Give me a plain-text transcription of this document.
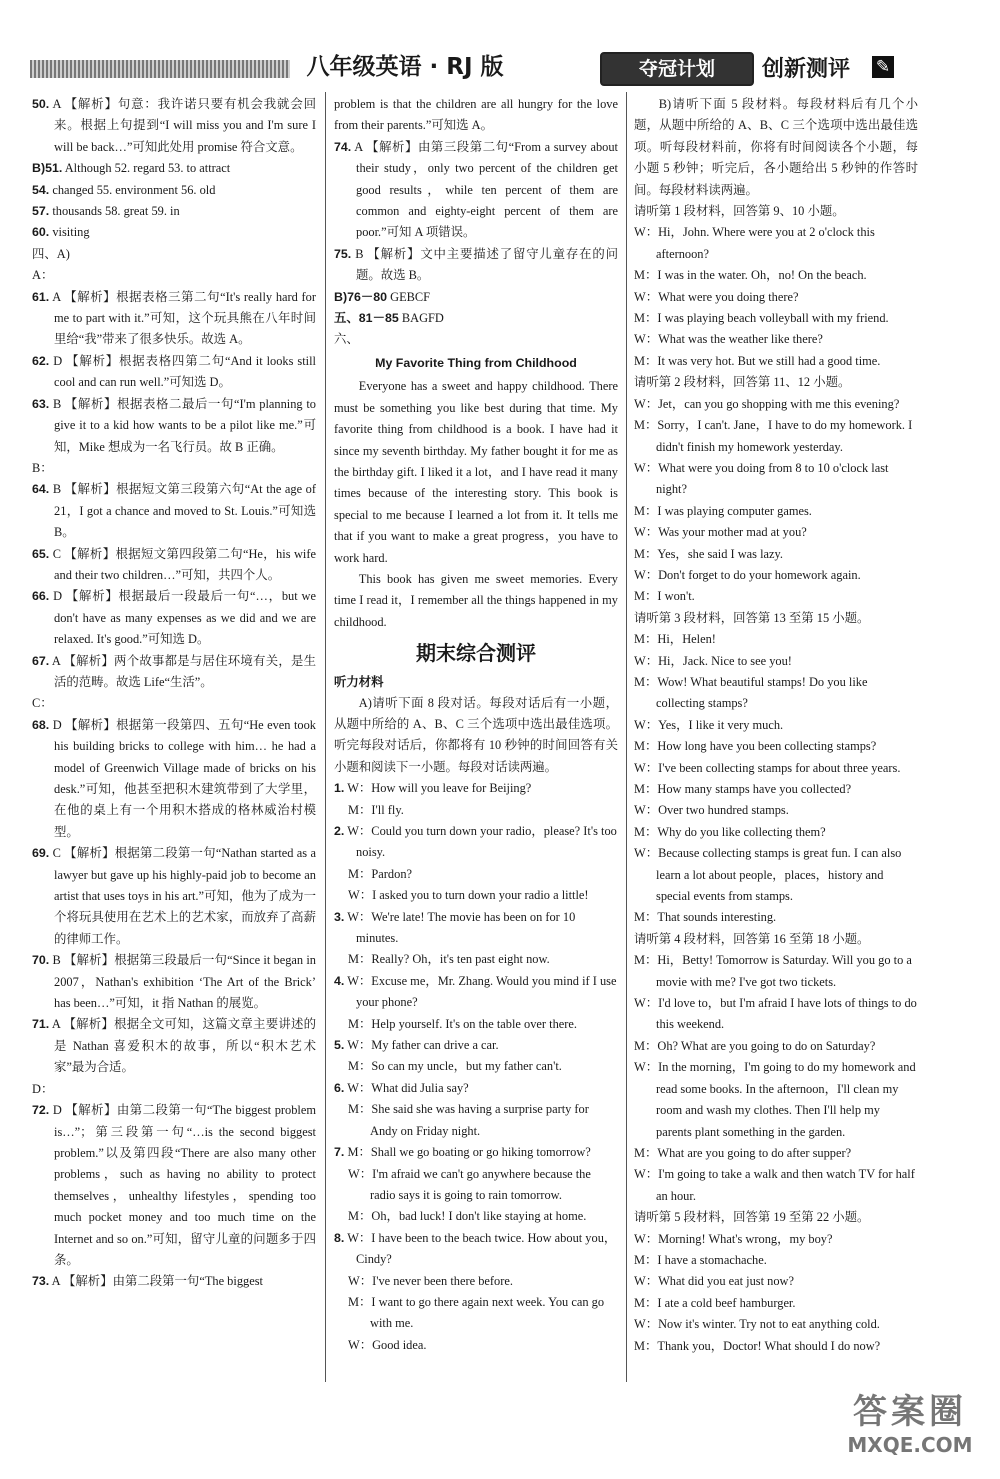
八年级英语 · RJ 版	夺冠计划	创新测评 ✎

50. A 【解析】句意：我许诺只要有机会我就会回来。根据上句提到“I will miss you and I'm sure I will be back…”可知此处用 promise 符合文意。

B)51. Although 52. regard 53. to attract

54. changed 55. environment 56. old

57. thousands 58. great 59. in

60. visiting

四、A)

A：

61. A 【解析】根据表格三第二句“It's really hard for me to part with it.”可知，这个玩具熊在八年时间里给“我”带来了很多快乐。故选 A。

62. D 【解析】根据表格四第二句“And it looks still cool and can run well.”可知选 D。

63. B 【解析】根据表格二最后一句“I'm planning to give it to a kid how wants to be a pilot like me.”可知，Mike 想成为一名飞行员。故 B 正确。

B：

64. B 【解析】根据短文第三段第六句“At the age of 21，I got a chance and moved to St. Louis.”可知选 B。

65. C 【解析】根据短文第四段第二句“He，his wife and their two children…”可知，共四个人。

66. D 【解析】根据最后一段最后一句“…，but we don't have as many expenses as we did and we are relaxed. It's good.”可知选 D。

67. A 【解析】两个故事都是与居住环境有关，是生活的范畴。故选 Life“生活”。

C：

68. D 【解析】根据第一段第四、五句“He even took his building bricks to college with him… he had a model of Greenwich Village made of bricks on his desk.”可知，他甚至把积木建筑带到了大学里，在他的桌上有一个用积木搭成的格林威治村模型。

69. C 【解析】根据第二段第一句“Nathan started as a lawyer but gave up his highly-paid job to become an artist that uses toys in his art.”可知，他为了成为一个将玩具使用在艺术上的艺术家，而放弃了高薪的律师工作。

70. B 【解析】根据第三段最后一句“Since it began in 2007，Nathan's exhibition ‘The Art of the Brick’ has been…”可知，it 指 Nathan 的展览。

71. A 【解析】根据全文可知，这篇文章主要讲述的是 Nathan 喜爱积木的故事，所以“积木艺术家”最为合适。

D：

72. D 【解析】由第二段第一句“The biggest problem is…”；第三段第一句“…is the second biggest problem.”以及第四段“There are also many other problems，such as having no ability to protect themselves，unhealthy lifestyles，spending too much pocket money and too much time on the Internet and so on.”可知，留守儿童的问题多于四条。

73. A 【解析】由第二段第一句“The biggest

problem is that the children are all hungry for the love from their parents.”可知选 A。

74. A 【解析】由第三段第二句“From a survey about their study，only two percent of the children get good results，while ten percent of them are common and eighty-eight percent of them are poor.”可知 A 项错误。

75. B 【解析】文中主要描述了留守儿童存在的问题。故选 B。

B)76－80 GEBCF

五、81－85 BAGFD

六、

My Favorite Thing from Childhood

Everyone has a sweet and happy childhood. There must be something you like best during that time. My favorite thing from childhood is a book. I have had it since my seventh birthday. My father bought it for me as the birthday gift. I liked it a lot，and I have read it many times because of the interesting story. This book is special to me because I learned a lot from it. It tells me that if you want to make a great progress，you have to work hard.

This book has given me sweet memories. Every time I read it，I remember all the things happened in my childhood.

期末综合测评

听力材料

A)请听下面 8 段对话。每段对话后有一小题，从题中所给的 A、B、C 三个选项中选出最佳选项。听完每段对话后，你都将有 10 秒钟的时间回答有关小题和阅读下一小题。每段对话读两遍。

1. W：How will you leave for Beijing?

M：I'll fly.

2. W：Could you turn down your radio，please? It's too noisy.

M：Pardon?

W：I asked you to turn down your radio a little!

3. W：We're late! The movie has been on for 10 minutes.

M：Really? Oh，it's ten past eight now.

4. W：Excuse me，Mr. Zhang. Would you mind if I use your phone?

M：Help yourself. It's on the table over there.

5. W：My father can drive a car.

M：So can my uncle，but my father can't.

6. W：What did Julia say?

M：She said she was having a surprise party for Andy on Friday night.

7. M：Shall we go boating or go hiking tomorrow?

W：I'm afraid we can't go anywhere because the radio says it is going to rain tomorrow.

M：Oh，bad luck! I don't like staying at home.

8. W：I have been to the beach twice. How about you，Cindy?

W：I've never been there before.

M：I want to go there again next week. You can go with me.

W：Good idea.

B)请听下面 5 段材料。每段材料后有几个小题，从题中所给的 A、B、C 三个选项中选出最佳选项。听每段材料前，你将有时间阅读各个小题，每小题 5 秒钟；听完后，各小题给出 5 秒钟的作答时间。每段材料读两遍。

请听第 1 段材料，回答第 9、10 小题。

W：Hi，John. Where were you at 2 o'clock this afternoon?

M：I was in the water. Oh，no! On the beach.

W：What were you doing there?

M：I was playing beach volleyball with my friend.

W：What was the weather like there?

M：It was very hot. But we still had a good time.

请听第 2 段材料，回答第 11、12 小题。

W：Jet，can you go shopping with me this evening?

M：Sorry，I can't. Jane，I have to do my homework. I didn't finish my homework yesterday.

W：What were you doing from 8 to 10 o'clock last night?

M：I was playing computer games.

W：Was your mother mad at you?

M：Yes，she said I was lazy.

W：Don't forget to do your homework again.

M：I won't.

请听第 3 段材料，回答第 13 至第 15 小题。

M：Hi，Helen!

W：Hi，Jack. Nice to see you!

M：Wow! What beautiful stamps! Do you like collecting stamps?

W：Yes，I like it very much.

M：How long have you been collecting stamps?

W：I've been collecting stamps for about three years.

M：How many stamps have you collected?

W：Over two hundred stamps.

M：Why do you like collecting them?

W：Because collecting stamps is great fun. I can also learn a lot about people，places，history and special events from stamps.

M：That sounds interesting.

请听第 4 段材料，回答第 16 至第 18 小题。

M：Hi，Betty! Tomorrow is Saturday. Will you go to a movie with me? I've got two tickets.

W：I'd love to，but I'm afraid I have lots of things to do this weekend.

M：Oh? What are you going to do on Saturday?

W：In the morning，I'm going to do my homework and read some books. In the afternoon，I'll clean my room and wash my clothes. Then I'll help my parents plant something in the garden.

M：What are you going to do after supper?

W：I'm going to take a walk and then watch TV for half an hour.

请听第 5 段材料，回答第 19 至第 22 小题。

W：Morning! What's wrong，my boy?

M：I have a stomachache.

W：What did you eat just now?

M：I ate a cold beef hamburger.

W：Now it's winter. Try not to eat anything cold.

M：Thank you，Doctor! What should I do now?

答案圈
MXQE.COM
